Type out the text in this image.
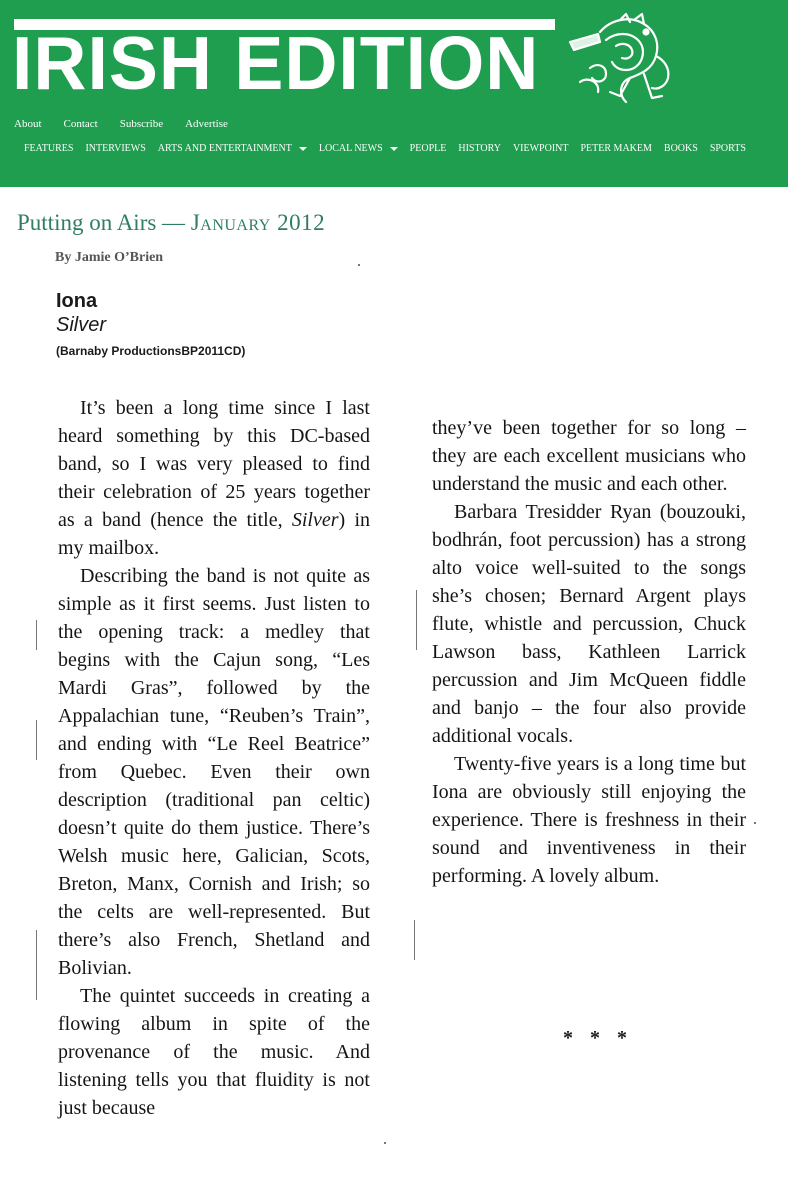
IRISH EDITION
About Contact Subscribe Advertise
FEATURES INTERVIEWS ARTS AND ENTERTAINMENT	LOCAL NEWS	PEOPLE HISTORY VIEWPOINT PETER MAKEM BOOKS SPORTS
Putting on Airs — January 2012
By Jamie O’Brien
Iona
Silver
(Barnaby ProductionsBP2011CD)

It’s been a long time since I last heard something by this DC-based band, so I was very pleased to find their celebration of 25 years together as a band (hence the title, Silver) in my mailbox.

Describing the band is not quite as simple as it first seems. Just listen to the opening track: a medley that begins with the Cajun song, “Les Mardi Gras”, followed by the Appalachian tune, “Reuben’s Train”, and ending with “Le Reel Beatrice” from Quebec. Even their own description (traditional pan celtic) doesn’t quite do them justice. There’s Welsh music here, Galician, Scots, Breton, Manx, Cornish and Irish; so the celts are well-represented. But there’s also French, Shetland and Bolivian.

The quintet succeeds in creating a flowing album in spite of the provenance of the music. And listening tells you that fluidity is not just because

they’ve been together for so long – they are each excellent musicians who understand the music and each other.

Barbara Tresidder Ryan (bouzouki, bodhrán, foot percussion) has a strong alto voice well-suited to the songs she’s chosen; Bernard Argent plays flute, whistle and percussion, Chuck Lawson bass, Kathleen Larrick percussion and Jim McQueen fiddle and banjo – the four also provide additional vocals.

Twenty-five years is a long time but Iona are obviously still enjoying the experience. There is freshness in their sound and inventiveness in their performing. A lovely album.

* * *
